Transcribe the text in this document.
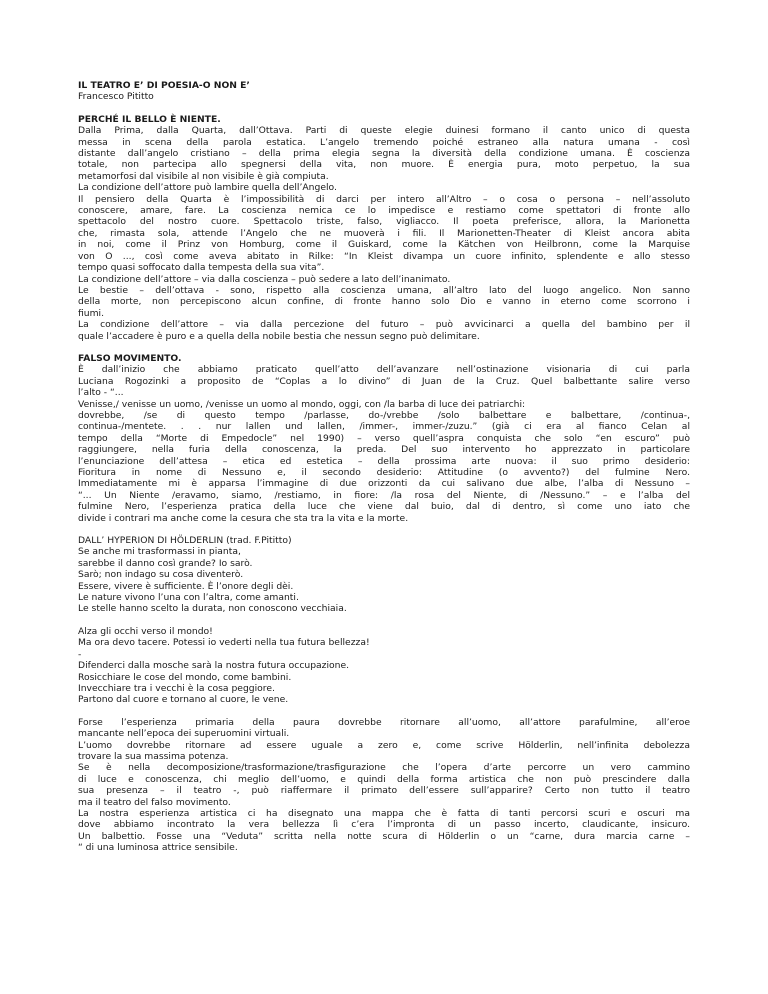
IL TEATRO E’ DI POESIA-O NON E’
Francesco Pititto
PERCHÉ IL BELLO È NIENTE.
Dalla Prima, dalla Quarta, dall’Ottava. Parti di queste elegie duinesi formano il canto unico di questa
messa in scena della parola estatica. L’angelo tremendo poiché estraneo alla natura umana - così
distante dall’angelo cristiano – della prima elegia segna la diversità della condizione umana. È coscienza
totale, non partecipa allo spegnersi della vita, non muore. È energia pura, moto perpetuo, la sua
metamorfosi dal visibile al non visibile è già compiuta.
La condizione dell’attore può lambire quella dell’Angelo.
Il pensiero della Quarta è l’impossibilità di darci per intero all’Altro – o cosa o persona – nell’assoluto
conoscere, amare, fare. La coscienza nemica ce lo impedisce e restiamo come spettatori di fronte allo
spettacolo del nostro cuore. Spettacolo triste, falso, vigliacco. Il poeta preferisce, allora, la Marionetta
che, rimasta sola, attende l’Angelo che ne muoverà i fili. Il Marionetten-Theater di Kleist ancora abita
in noi, come il Prinz von Homburg, come il Guiskard, come la Kätchen von Heilbronn, come la Marquise
von O ..., così come aveva abitato in Rilke: “In Kleist divampa un cuore infinito, splendente e allo stesso
tempo quasi soffocato dalla tempesta della sua vita”.
La condizione dell’attore – via dalla coscienza – può sedere a lato dell’inanimato.
Le bestie – dell’ottava - sono, rispetto alla coscienza umana, all’altro lato del luogo angelico. Non sanno
della morte, non percepiscono alcun confine, di fronte hanno solo Dio e vanno in eterno come scorrono i
fiumi.
La condizione dell’attore – via dalla percezione del futuro – può avvicinarci a quella del bambino per il
quale l’accadere è puro e a quella della nobile bestia che nessun segno può delimitare.
FALSO MOVIMENTO.
È dall’inizio che abbiamo praticato quell’atto dell’avanzare nell’ostinazione visionaria di cui parla
Luciana Rogozinki a proposito de “Coplas a lo divino” di Juan de la Cruz. Quel balbettante salire verso
l’alto - “...
Venisse,/ venisse un uomo, /venisse un uomo al mondo, oggi, con /la barba di luce dei patriarchi:
dovrebbe, /se di questo tempo /parlasse, do-/vrebbe /solo balbettare e balbettare, /continua-,
continua-/mentete. . . nur lallen und lallen, /immer-, immer-/zuzu.” (già ci era al fianco Celan al
tempo della “Morte di Empedocle” nel 1990) – verso quell’aspra conquista che solo “en escuro” può
raggiungere, nella furia della conoscenza, la preda. Del suo intervento ho apprezzato in particolare
l’enunciazione dell’attesa – etica ed estetica – della prossima arte nuova: il suo primo desiderio:
Fioritura in nome di Nessuno e, il secondo desiderio: Attitudine (o avvento?) del fulmine Nero.
Immediatamente mi è apparsa l’immagine di due orizzonti da cui salivano due albe, l’alba di Nessuno –
“... Un Niente /eravamo, siamo, /restiamo, in fiore: /la rosa del Niente, di /Nessuno.” – e l’alba del
fulmine Nero, l’esperienza pratica della luce che viene dal buio, dal di dentro, sì come uno iato che
divide i contrari ma anche come la cesura che sta tra la vita e la morte.
DALL’ HYPERION DI HÖLDERLIN (trad. F.Pititto)
Se anche mi trasformassi in pianta,
sarebbe il danno così grande? Io sarò.
Sarò; non indago su cosa diventerò.
Essere, vivere è sufficiente. È l’onore degli dèi.
Le nature vivono l’una con l’altra, come amanti.
Le stelle hanno scelto la durata, non conoscono vecchiaia.
Alza gli occhi verso il mondo!
Ma ora devo tacere. Potessi io vederti nella tua futura bellezza!
-
Difenderci dalla mosche sarà la nostra futura occupazione.
Rosicchiare le cose del mondo, come bambini.
Invecchiare tra i vecchi è la cosa peggiore.
Partono dal cuore e tornano al cuore, le vene.
Forse l’esperienza primaria della paura dovrebbe ritornare all’uomo, all’attore parafulmine, all’eroe
mancante nell’epoca dei superuomini virtuali.
L’uomo dovrebbe ritornare ad essere uguale a zero e, come scrive Hölderlin, nell’infinita debolezza
trovare la sua massima potenza.
Se è nella decomposizione/trasformazione/trasfigurazione che l’opera d’arte percorre un vero cammino
di luce e conoscenza, chi meglio dell’uomo, e quindi della forma artistica che non può prescindere dalla
sua presenza – il teatro -, può riaffermare il primato dell’essere sull’apparire? Certo non tutto il teatro
ma il teatro del falso movimento.
La nostra esperienza artistica ci ha disegnato una mappa che è fatta di tanti percorsi scuri e oscuri ma
dove abbiamo incontrato la vera bellezza lì c’era l’impronta di un passo incerto, claudicante, insicuro.
Un balbettio. Fosse una “Veduta” scritta nella notte scura di Hölderlin o un “carne, dura marcia carne –
“ di una luminosa attrice sensibile.
